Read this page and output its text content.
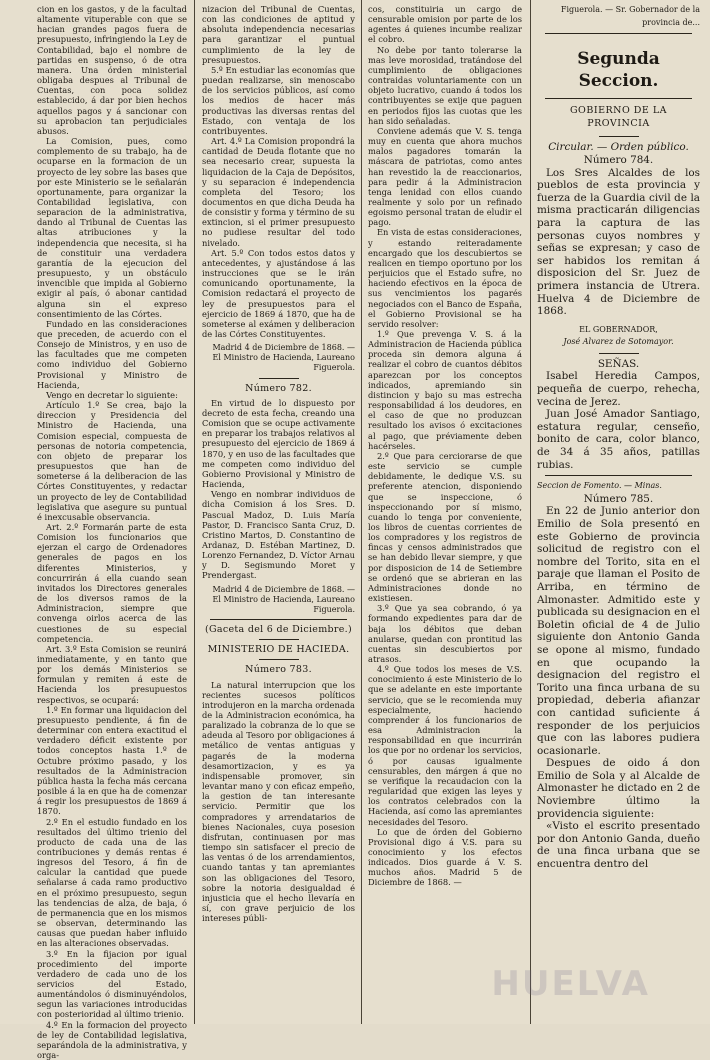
cion en los gastos, y de la facultad altamente vituperable con que se hacian grandes pagos fuera de presupuesto, infringiendo la Ley de Contabilidad, bajo el nombre de partidas en suspenso, ó de otra manera. Una órden ministerial obligaba despues al Tribunal de Cuentas, con poca solidez establecido, á dar por bien hechos aquellos pagos y á sancionar con su aprobacion tan perjudiciales abusos.

La Comision, pues, como complemento de su trabajo, ha de ocuparse en la formacion de un proyecto de ley sobre las bases que por este Ministerio se le señalarán oportunamente, para organizar la Contabilidad legislativa, con separacion de la administrativa, dando al Tribunal de Cuentas las altas atribuciones y la independencia que necesita, si ha de constituir una verdadera garantía de la ejecucion del presupuesto, y un obstáculo invencible que impida al Gobierno exigir al país, ó abonar cantidad alguna sin el expreso consentimiento de las Córtes.

Fundado en las consideraciones que preceden, de acuerdo con el Consejo de Ministros, y en uso de las facultades que me competen como individuo del Gobierno Provisional y Ministro de Hacienda,

Vengo en decretar lo siguiente:

Artículo 1.º Se crea, bajo la direccion y Presidencia del Ministro de Hacienda, una Comision especial, compuesta de personas de notoria competencia, con objeto de preparar los presupuestos que han de someterse á la deliberacion de las Córtes Constituyentes, y redactar un proyecto de ley de Contabilidad legislativa que asegure su puntual é inexcusable observancia.

Art. 2.º Formarán parte de esta Comision los funcionarios que ejerzan el cargo de Ordenadores generales de pagos en los diferentes Ministerios, y concurrirán á ella cuando sean invitados los Directores generales de los diversos ramos de la Administracion, siempre que convenga oirlos acerca de las cuestiones de su especial competencia.

Art. 3.º Esta Comision se reunirá inmediatamente, y en tanto que por los demás Ministerios se formulan y remiten á este de Hacienda los presupuestos respectivos, se ocupará:

1.º En formar una liquidacion del presupuesto pendiente, á fin de determinar con entera exactitud el verdadero déficit existente por todos conceptos hasta 1.º de Octubre próximo pasado, y los resultados de la Administracion pública hasta la fecha más cercana posible á la en que ha de comenzar á regir los presupuestos de 1869 á 1870.

2.º En el estudio fundado en los resultados del último trienio del producto de cada una de las contribuciones y demás rentas é ingresos del Tesoro, á fin de calcular la cantidad que puede señalarse á cada ramo productivo en el próximo presupuesto, segun las tendencias de alza, de baja, ó de permanencia que en los mismos se observan, determinando las causas que puedan haber influido en las alteraciones observadas.

3.º En la fijacion por igual procedimiento del importe verdadero de cada uno de los servicios del Estado, aumentándolos ó disminuyéndolos, segun las variaciones introducidas con posterioridad al último trienio.

4.º En la formacion del proyecto de ley de Contabilidad legislativa, separándola de la administrativa, y orga-

nizacion del Tribunal de Cuentas, con las condiciones de aptitud y absoluta independencia necesarias para garantizar el puntual cumplimiento de la ley de presupuestos.

5.º En estudiar las economías que puedan realizarse, sin menoscabo de los servicios públicos, así como los medios de hacer más productivas las diversas rentas del Estado, con ventaja de los contribuyentes.

Art. 4.º La Comision propondrá la cantidad de Deuda flotante que no sea necesario crear, supuesta la liquidacion de la Caja de Depósitos, y su separacion é independencia completa del Tesoro; los documentos en que dicha Deuda ha de consistir y forma y término de su extincion, si el primer presupuesto no pudiese resultar del todo nivelado.

Art. 5.º Con todos estos datos y antecedentes, y ajustándose á las instrucciones que se le irán comunicando oportunamente, la Comision redactará el proyecto de ley de presupuestos para el ejercicio de 1869 á 1870, que ha de someterse al exámen y deliberacion de las Córtes Constituyentes.

Madrid 4 de Diciembre de 1868. — El Ministro de Hacienda, Laureano Figuerola.

Número 782.

En virtud de lo dispuesto por decreto de esta fecha, creando una Comision que se ocupe activamente en preparar los trabajos relativos al presupuesto del ejercicio de 1869 á 1870, y en uso de las facultades que me competen como individuo del Gobierno Provisional y Ministro de Hacienda,

Vengo en nombrar individuos de dicha Comision á los Sres. D. Pascual Madoz, D. Luis María Pastor, D. Francisco Santa Cruz, D. Cristino Martos, D. Constantino de Ardanaz, D. Estéban Martinez, D. Lorenzo Fernandez, D. Víctor Arnau y D. Segismundo Moret y Prendergast.

Madrid 4 de Diciembre de 1868. — El Ministro de Hacienda, Laureano Figuerola.

(Gaceta del 6 de Diciembre.)
MINISTERIO DE HACIEDA.
Número 783.

La natural interrupcion que los recientes sucesos políticos introdujeron en la marcha ordenada de la Administracion económica, ha paralizado la cobranza de lo que se adeuda al Tesoro por obligaciones á metálico de ventas antiguas y pagarés de la moderna desamortizacion, y es ya indispensable promover, sin levantar mano y con eficaz empeño, la gestion de tan interesante servicio. Permitir que los compradores y arrendatarios de bienes Nacionales, cuya posesion disfrutan, continuasen por mas tiempo sin satisfacer el precio de las ventas ó de los arrendamientos, cuando tantas y tan apremiantes son las obligaciones del Tesoro, sobre la notoria desigualdad é injusticia que el hecho llevaría en sí, con grave perjuicio de los intereses públi-

cos, constituiria un cargo de censurable omision por parte de los agentes á quienes incumbe realizar el cobro.

No debe por tanto tolerarse la mas leve morosidad, tratándose del cumplimiento de obligaciones contraidas voluntariamente con un objeto lucrativo, cuando á todos los contribuyentes se exije que paguen en periodos fijos las cuotas que les han sido señaladas.

Conviene además que V. S. tenga muy en cuenta que ahora muchos malos pagadores tomarán la máscara de patriotas, como antes han revestido la de reaccionarios, para pedir á la Administracion tenga lenidad con ellos cuando realmente y solo por un refinado egoismo personal tratan de eludir el pago.

En vista de estas consideraciones, y estando reiteradamente encargado que los descubiertos se realicen en tiempo oportuno por los perjuicios que el Estado sufre, no haciendo efectivos en la época de sus vencimientos los pagarés negociados con el Banco de España, el Gobierno Provisional se ha servido resolver:

1.º Que prevenga V. S. á la Administracion de Hacienda pública proceda sin demora alguna á realizar el cobro de cuantos débitos aparezcan por los conceptos indicados, apremiando sin distincion y bajo su mas estrecha responsabilidad á los deudores, en el caso de que no produzcan resultado los avisos ó excitaciones al pago, que préviamente deben hacérseles.

2.º Que para cerciorarse de que este servicio se cumple debidamente, le dedique V.S. su preferente atencion, disponiendo que se inspeccione, ó inspeccionando por sí mismo, cuando lo tenga por conveniente, los libros de cuentas corrientes de los compradores y los registros de fincas y censos administrados que se han debido llevar siempre, y que por disposicion de 14 de Setiembre se ordenó que se abrieran en las Administraciones donde no existiesen.

3.º Que ya sea cobrando, ó ya formando expedientes para dar de baja los débitos que deban anularse, quedan con prontitud las cuentas sin descubiertos por atrasos.

4.º Que todos los meses de V.S. conocimiento á este Ministerio de lo que se adelante en este importante servicio, que se le recomienda muy especialmente, haciendo comprender á los funcionarios de esa Administracion la responsabilidad en que incurrirán los que por no ordenar los servicios, ó por causas igualmente censurables, den márgen á que no se verifique la recaudacion con la regularidad que exigen las leyes y los contratos celebrados con la Hacienda, así como las apremiantes necesidades del Tesoro.

Lo que de órden del Gobierno Provisional digo á V.S. para su conocimiento y los efectos indicados. Dios guarde á V. S. muchos años. Madrid 5 de Diciembre de 1868. —

Figuerola. — Sr. Gobernador de la provincia de...

Segunda Seccion.
GOBIERNO DE LA PROVINCIA

Circular. — Orden público.

Número 784.

Los Sres Alcaldes de los pueblos de esta provincia y fuerza de la Guardia civil de la misma practicarán diligencias para la captura de las personas cuyos nombres y señas se expresan; y caso de ser habidos los remitan á disposicion del Sr. Juez de primera instancia de Utrera. Huelva 4 de Diciembre de 1868.

EL GOBERNADOR,

José Alvarez de Sotomayor.

SEÑAS.

Isabel Heredia Campos, pequeña de cuerpo, rehecha, vecina de Jerez.

Juan José Amador Santiago, estatura regular, censeño, bonito de cara, color blanco, de 34 á 35 años, patillas rubias.

Seccion de Fomento. — Minas.

Número 785.

En 22 de Junio anterior don Emilio de Sola presentó en este Gobierno de provincia solicitud de registro con el nombre del Torito, sita en el paraje que llaman el Posito de Arriba, en término de Almonaster. Admitido este y publicada su designacion en el Boletin oficial de 4 de Julio siguiente don Antonio Ganda se opone al mismo, fundado en que ocupando la designacion del registro el Torito una finca urbana de su propiedad, deberia afianzar con cantidad suficiente á responder de los perjuicios que con las labores pudiera ocasionarle.

Despues de oido á don Emilio de Sola y al Alcalde de Almonaster he dictado en 2 de Noviembre último la providencia siguiente:

«Visto el escrito presentado por don Antonio Ganda, dueño de una finca urbana que se encuentra dentro del

HUELVA
